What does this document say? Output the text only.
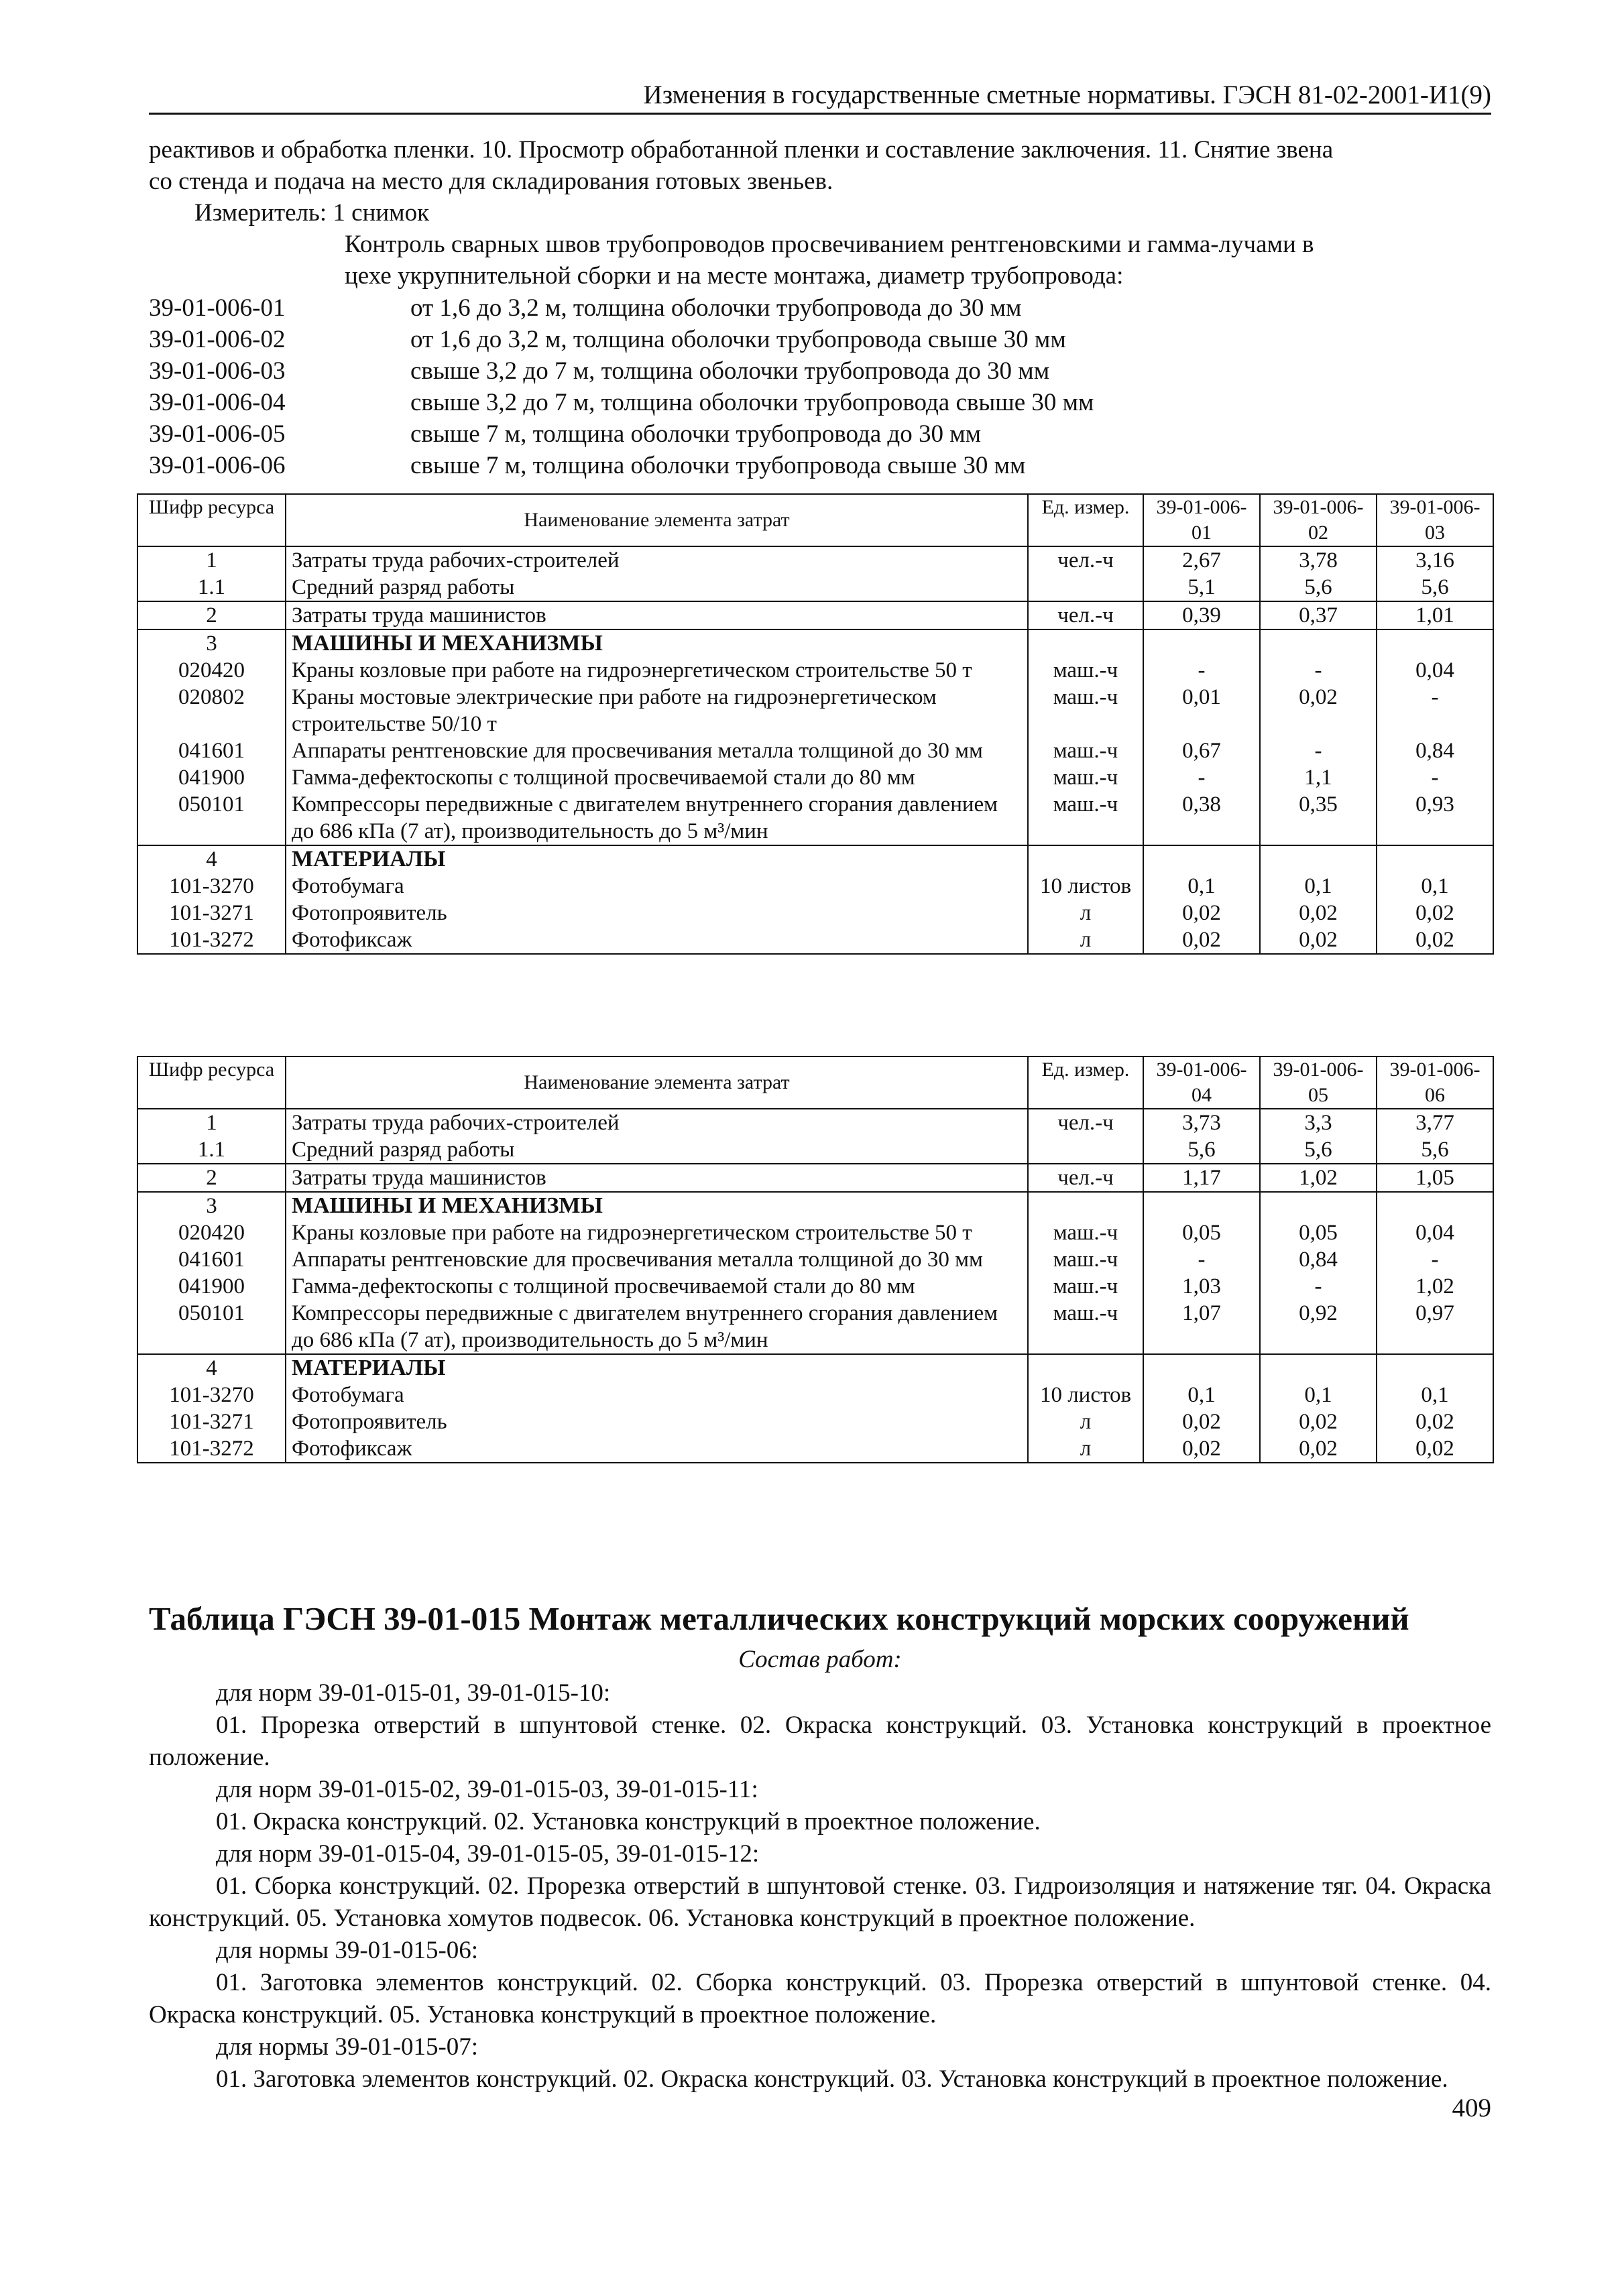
Изменения в государственные сметные нормативы. ГЭСН 81-02-2001-И1(9)

реактивов и обработка пленки. 10. Просмотр обработанной пленки и составление заключения. 11. Снятие звена

со стенда и подача на место для складирования готовых звеньев.

Измеритель: 1 снимок

Контроль сварных швов трубопроводов просвечиванием рентгеновскими и гамма-лучами в

цехе укрупнительной сборки и на месте монтажа, диаметр трубопровода:

39-01-006-01	от 1,6 до 3,2 м, толщина оболочки трубопровода до 30 мм
39-01-006-02	от 1,6 до 3,2 м, толщина оболочки трубопровода свыше 30 мм
39-01-006-03	свыше 3,2 до 7 м, толщина оболочки трубопровода до 30 мм
39-01-006-04	свыше 3,2 до 7 м, толщина оболочки трубопровода свыше 30 мм
39-01-006-05	свыше 7 м, толщина оболочки трубопровода до 30 мм
39-01-006-06	свыше 7 м, толщина оболочки трубопровода свыше 30 мм
Шифр ресурса	Наименование элемента затрат	Ед. измер.	39-01-006-01	39-01-006-02	39-01-006-03
1	Затраты труда рабочих-строителей	чел.-ч	2,67	3,78	3,16
1.1	Средний разряд работы		5,1	5,6	5,6
2	Затраты труда машинистов	чел.-ч	0,39	0,37	1,01
3	МАШИНЫ И МЕХАНИЗМЫ				
020420	Краны козловые при работе на гидроэнергетическом строительстве 50 т	маш.-ч	-	-	0,04
020802	Краны мостовые электрические при работе на гидроэнергетическом строительстве 50/10 т	маш.-ч	0,01	0,02	-
041601	Аппараты рентгеновские для просвечивания металла толщиной до 30 мм	маш.-ч	0,67	-	0,84
041900	Гамма-дефектоскопы с толщиной просвечиваемой стали до 80 мм	маш.-ч	-	1,1	-
050101	Компрессоры передвижные с двигателем внутреннего сгорания давлением до 686 кПа (7 ат), производительность до 5 м³/мин	маш.-ч	0,38	0,35	0,93
4	МАТЕРИАЛЫ				
101-3270	Фотобумага	10 листов	0,1	0,1	0,1
101-3271	Фотопроявитель	л	0,02	0,02	0,02
101-3272	Фотофиксаж	л	0,02	0,02	0,02
Шифр ресурса	Наименование элемента затрат	Ед. измер.	39-01-006-04	39-01-006-05	39-01-006-06
1	Затраты труда рабочих-строителей	чел.-ч	3,73	3,3	3,77
1.1	Средний разряд работы		5,6	5,6	5,6
2	Затраты труда машинистов	чел.-ч	1,17	1,02	1,05
3	МАШИНЫ И МЕХАНИЗМЫ				
020420	Краны козловые при работе на гидроэнергетическом строительстве 50 т	маш.-ч	0,05	0,05	0,04
041601	Аппараты рентгеновские для просвечивания металла толщиной до 30 мм	маш.-ч	-	0,84	-
041900	Гамма-дефектоскопы с толщиной просвечиваемой стали до 80 мм	маш.-ч	1,03	-	1,02
050101	Компрессоры передвижные с двигателем внутреннего сгорания давлением до 686 кПа (7 ат), производительность до 5 м³/мин	маш.-ч	1,07	0,92	0,97
4	МАТЕРИАЛЫ				
101-3270	Фотобумага	10 листов	0,1	0,1	0,1
101-3271	Фотопроявитель	л	0,02	0,02	0,02
101-3272	Фотофиксаж	л	0,02	0,02	0,02
Таблица ГЭСН 39-01-015 Монтаж металлических конструкций морских сооружений
Состав работ:

для норм 39-01-015-01, 39-01-015-10:

01. Прорезка отверстий в шпунтовой стенке. 02. Окраска конструкций. 03. Установка конструкций в проектное положение.

для норм 39-01-015-02, 39-01-015-03, 39-01-015-11:

01. Окраска конструкций. 02. Установка конструкций в проектное положение.

для норм 39-01-015-04, 39-01-015-05, 39-01-015-12:

01. Сборка конструкций. 02. Прорезка отверстий в шпунтовой стенке. 03. Гидроизоляция и натяжение тяг. 04. Окраска конструкций. 05. Установка хомутов подвесок. 06. Установка конструкций в проектное положение.

для нормы 39-01-015-06:

01. Заготовка элементов конструкций. 02. Сборка конструкций. 03. Прорезка отверстий в шпунтовой стенке. 04. Окраска конструкций. 05. Установка конструкций в проектное положение.

для нормы 39-01-015-07:

01. Заготовка элементов конструкций. 02. Окраска конструкций. 03. Установка конструкций в проектное положение.

409
